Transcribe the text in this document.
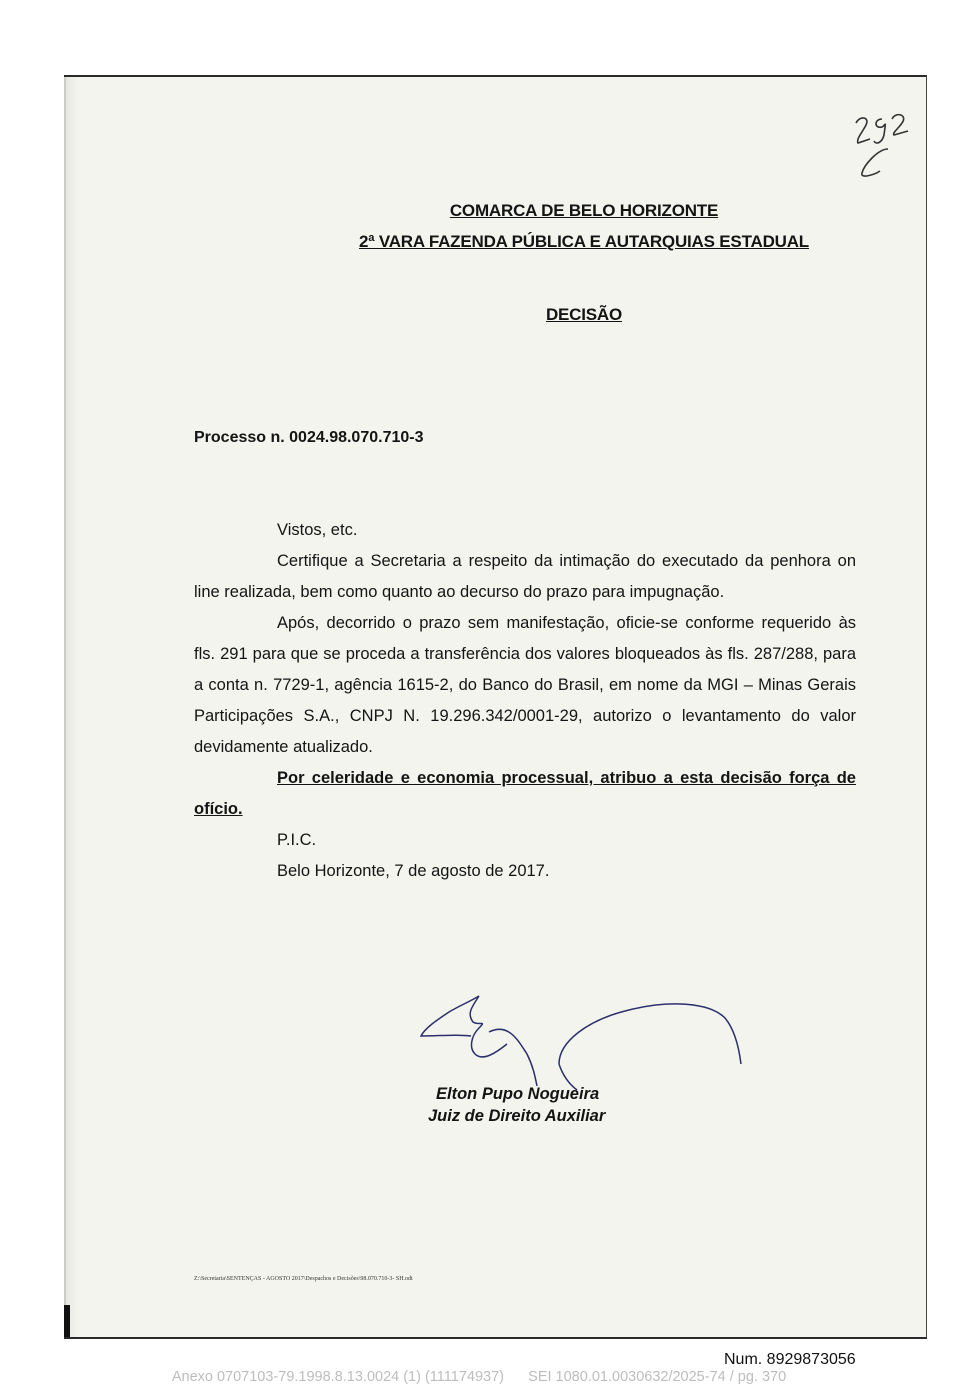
COMARCA DE BELO HORIZONTE
2ª VARA FAZENDA PÚBLICA E AUTARQUIAS ESTADUAL
DECISÃO
Processo n. 0024.98.070.710-3

Vistos, etc.

Certifique a Secretaria a respeito da intimação do executado da penhora on line realizada, bem como quanto ao decurso do prazo para impugnação.

Após, decorrido o prazo sem manifestação, oficie-se conforme requerido às fls. 291 para que se proceda a transferência dos valores bloqueados às fls. 287/288, para a conta n. 7729-1, agência 1615-2, do Banco do Brasil, em nome da MGI – Minas Gerais Participações S.A., CNPJ N. 19.296.342/0001-29, autorizo o levantamento do valor devidamente atualizado.

Por celeridade e economia processual, atribuo a esta decisão força de ofício.

P.I.C.

Belo Horizonte, 7 de agosto de 2017.

Elton Pupo Nogueira
Juiz de Direito Auxiliar
Z:\Secretaria\SENTENÇAS - AGOSTO 2017\Despachos e Decisões\98.070.710-3- SH.odt
Num. 8929873056
Anexo 0707103-79.1998.8.13.0024 (1) (111174937) SEI 1080.01.0030632/2025-74 / pg. 370
